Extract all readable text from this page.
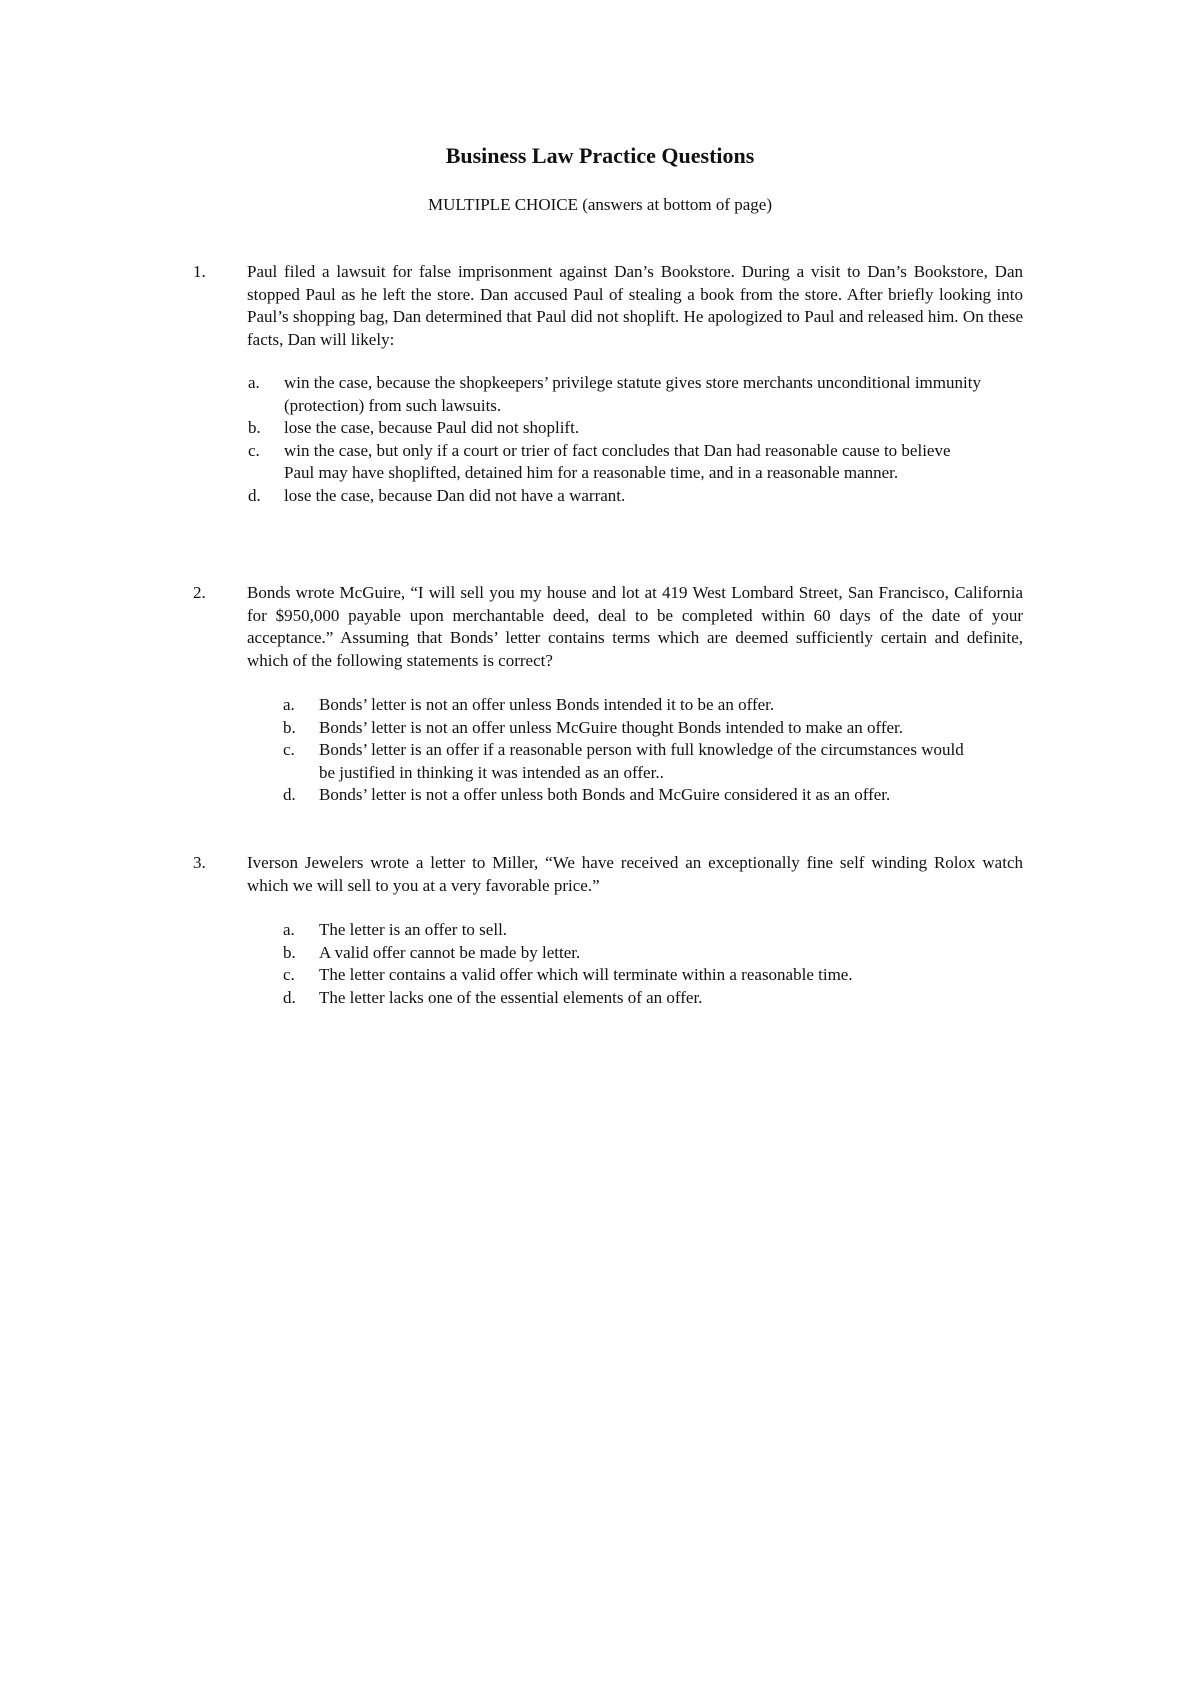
Business Law Practice Questions

MULTIPLE CHOICE (answers at bottom of page)

1.	Paul filed a lawsuit for false imprisonment against Dan’s Bookstore. During a visit to Dan’s Bookstore, Dan stopped Paul as he left the store. Dan accused Paul of stealing a book from the store. After briefly looking into Paul’s shopping bag, Dan determined that Paul did not shoplift. He apologized to Paul and released him. On these facts, Dan will likely:

a.	win the case, because the shopkeepers’ privilege statute gives store merchants unconditional immunity (protection) from such lawsuits.
b.	lose the case, because Paul did not shoplift.
c.	win the case, but only if a court or trier of fact concludes that Dan had reasonable cause to believe Paul may have shoplifted, detained him for a reasonable time, and in a reasonable manner.
d.	lose the case, because Dan did not have a warrant.
2.	Bonds wrote McGuire, “I will sell you my house and lot at 419 West Lombard Street, San Francisco, California for $950,000 payable upon merchantable deed, deal to be completed within 60 days of the date of your acceptance.” Assuming that Bonds’ letter contains terms which are deemed sufficiently certain and definite, which of the following statements is correct?

a.	Bonds’ letter is not an offer unless Bonds intended it to be an offer.
b.	Bonds’ letter is not an offer unless McGuire thought Bonds intended to make an offer.
c.	Bonds’ letter is an offer if a reasonable person with full knowledge of the circumstances would be justified in thinking it was intended as an offer..
d.	Bonds’ letter is not a offer unless both Bonds and McGuire considered it as an offer.
3.	Iverson Jewelers wrote a letter to Miller, “We have received an exceptionally fine self winding Rolox watch which we will sell to you at a very favorable price.”

a.	The letter is an offer to sell.
b.	A valid offer cannot be made by letter.
c.	The letter contains a valid offer which will terminate within a reasonable time.
d.	The letter lacks one of the essential elements of an offer.
